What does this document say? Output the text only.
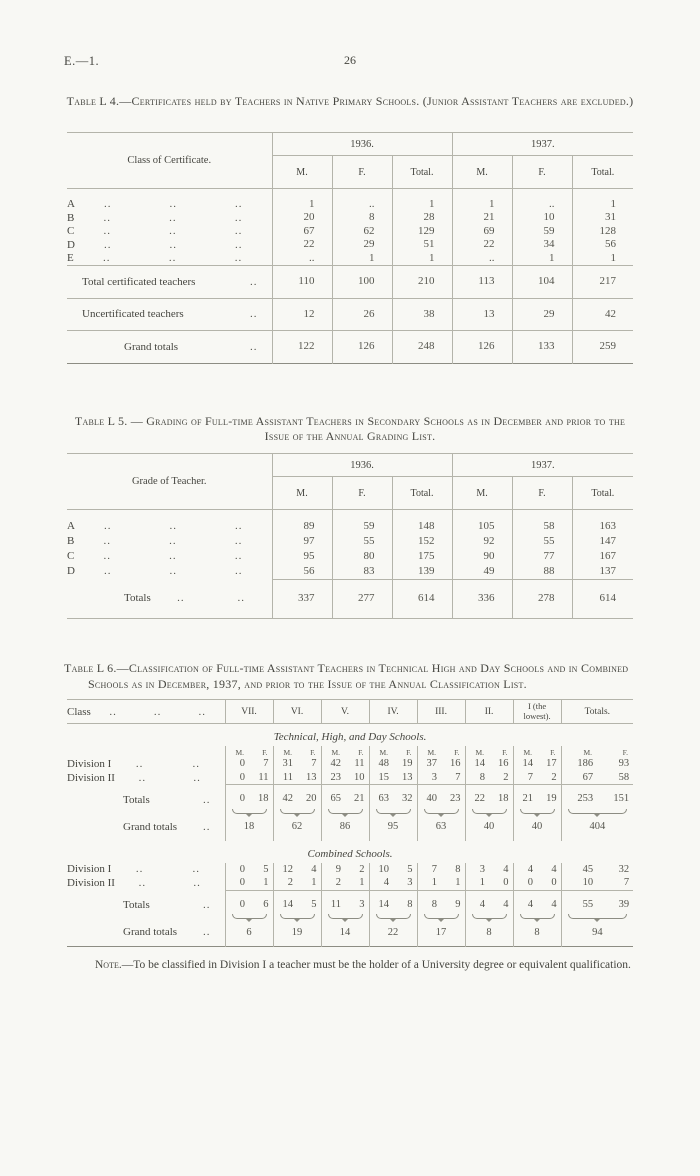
E.—1.	26

Table L 4.—Certificates held by Teachers in Native Primary Schools. (Junior Assistant Teachers are excluded.)

Class of Certificate.	1936.			1937.		
	M.	F.	Total.	M.	F.	Total.

A .. .. ..	1	..	1	1	..	1

B .. .. ..	20	8	28	21	10	31

C .. .. ..	67	62	129	69	59	128

D .. .. ..	22	29	51	22	34	56

E .. .. ..	..	1	1	..	1	1

Total certificated teachers ..	110	100	210	113	104	217

Uncertificated teachers ..	12	26	38	13	29	42

Grand totals ..	122	126	248	126	133	259

Table L 5. — Grading of Full-time Assistant Teachers in Secondary Schools as in December and prior to the Issue of the Annual Grading List.

Grade of Teacher.	1936.			1937.		
	M.	F.	Total.	M.	F.	Total.

A .. .. ..	89	59	148	105	58	163

B .. .. ..	97	55	152	92	55	147

C .. .. ..	95	80	175	90	77	167

D .. .. ..	56	83	139	49	88	137

Totals .. ..	337	277	614	336	278	614

Table L 6.—Classification of Full-time Assistant Teachers in Technical High and Day Schools and in Combined Schools as in December, 1937, and prior to the Issue of the Annual Classification List.

Class .. .. ..	VII.		VI.		V.		IV.		III.		II.		I (the lowest).		Totals.	
Technical, High, and Day Schools.																
	M.	F.	M.	F.	M.	F.	M.	F.	M.	F.	M.	F.	M.	F.	M.	F.

Division I .. ..	0	7	31	7	42	11	48	19	37	16	14	16	14	17	186	93

Division II .. ..	0	11	11	13	23	10	15	13	3	7	8	2	7	2	67	58

Totals ..	0	18	42	20	65	21	63	32	40	23	22	18	21	19	253	151

Grand totals ..	18		62		86		95		63		40		40		404	
Combined Schools.																

Division I .. ..	0	5	12	4	9	2	10	5	7	8	3	4	4	4	45	32

Division II .. ..	0	1	2	1	2	1	4	3	1	1	1	0	0	0	10	7

Totals ..	0	6	14	5	11	3	14	8	8	9	4	4	4	4	55	39

Grand totals ..	6		19		14		22		17		8		8		94	

Note.—To be classified in Division I a teacher must be the holder of a University degree or equivalent qualification.
